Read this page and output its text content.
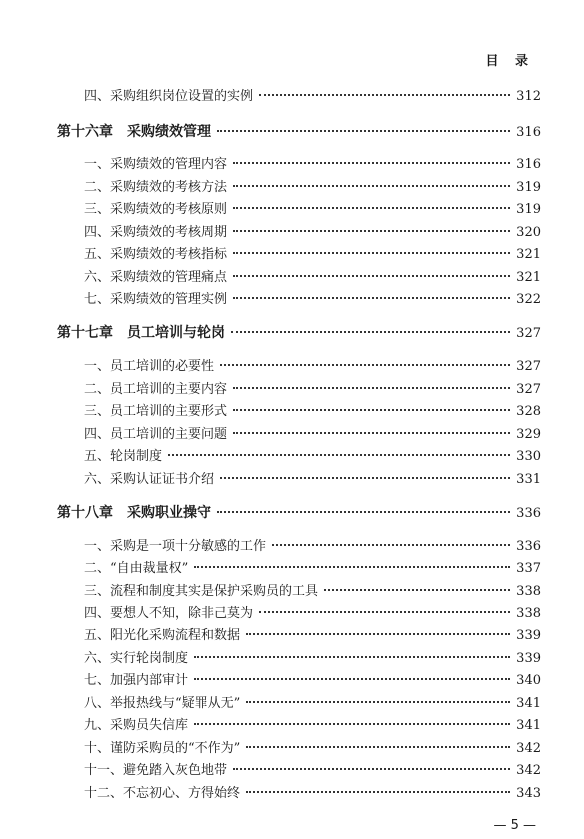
目 录
四、采购组织岗位设置的实例	312
第十六章　采购绩效管理	316
一、采购绩效的管理内容	316
二、采购绩效的考核方法	319
三、采购绩效的考核原则	319
四、采购绩效的考核周期	320
五、采购绩效的考核指标	321
六、采购绩效的管理痛点	321
七、采购绩效的管理实例	322
第十七章　员工培训与轮岗	327
一、员工培训的必要性	327
二、员工培训的主要内容	327
三、员工培训的主要形式	328
四、员工培训的主要问题	329
五、轮岗制度	330
六、采购认证证书介绍	331
第十八章　采购职业操守	336
一、采购是一项十分敏感的工作	336
二、“自由裁量权”	337
三、流程和制度其实是保护采购员的工具	338
四、要想人不知，除非己莫为	338
五、阳光化采购流程和数据	339
六、实行轮岗制度	339
七、加强内部审计	340
八、举报热线与“疑罪从无”	341
九、采购员失信库	341
十、谨防采购员的“不作为”	342
十一、避免踏入灰色地带	342
十二、不忘初心、方得始终	343
— 5 —
